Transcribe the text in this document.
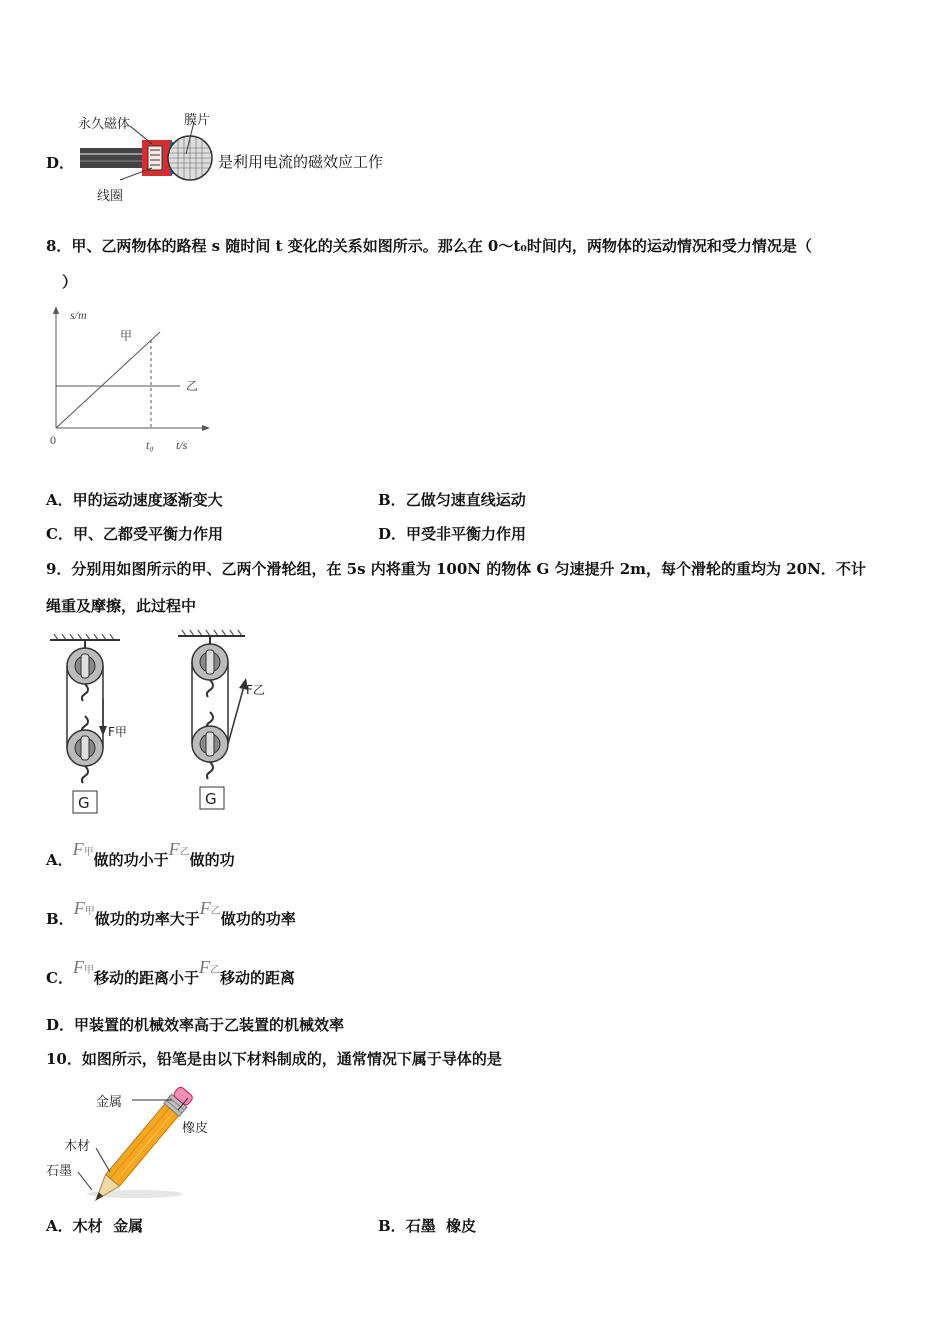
D．
永久磁体	膜片
线圈
是利用电流的磁效应工作
8．甲、乙两物体的路程 s 随时间 t 变化的关系如图所示。那么在 0～t₀时间内，两物体的运动情况和受力情况是（
）
s/m
t/s
0	t₀
甲
乙
A．甲的运动速度逐渐变大	B．乙做匀速直线运动
C．甲、乙都受平衡力作用	D．甲受非平衡力作用
9．分别用如图所示的甲、乙两个滑轮组，在 5s 内将重为 100N 的物体 G 匀速提升 2m，每个滑轮的重均为 20N．不计
绳重及摩擦，此过程中
G
F甲
G
F乙
A．F甲做的功小于F乙做的功
B．F甲做功的功率大于F乙做功的功率
C．F甲移动的距离小于F乙移动的距离
D．甲装置的机械效率高于乙装置的机械效率
10．如图所示，铅笔是由以下材料制成的，通常情况下属于导体的是
金属
橡皮
木材
石墨
A．木材  金属	B．石墨  橡皮
